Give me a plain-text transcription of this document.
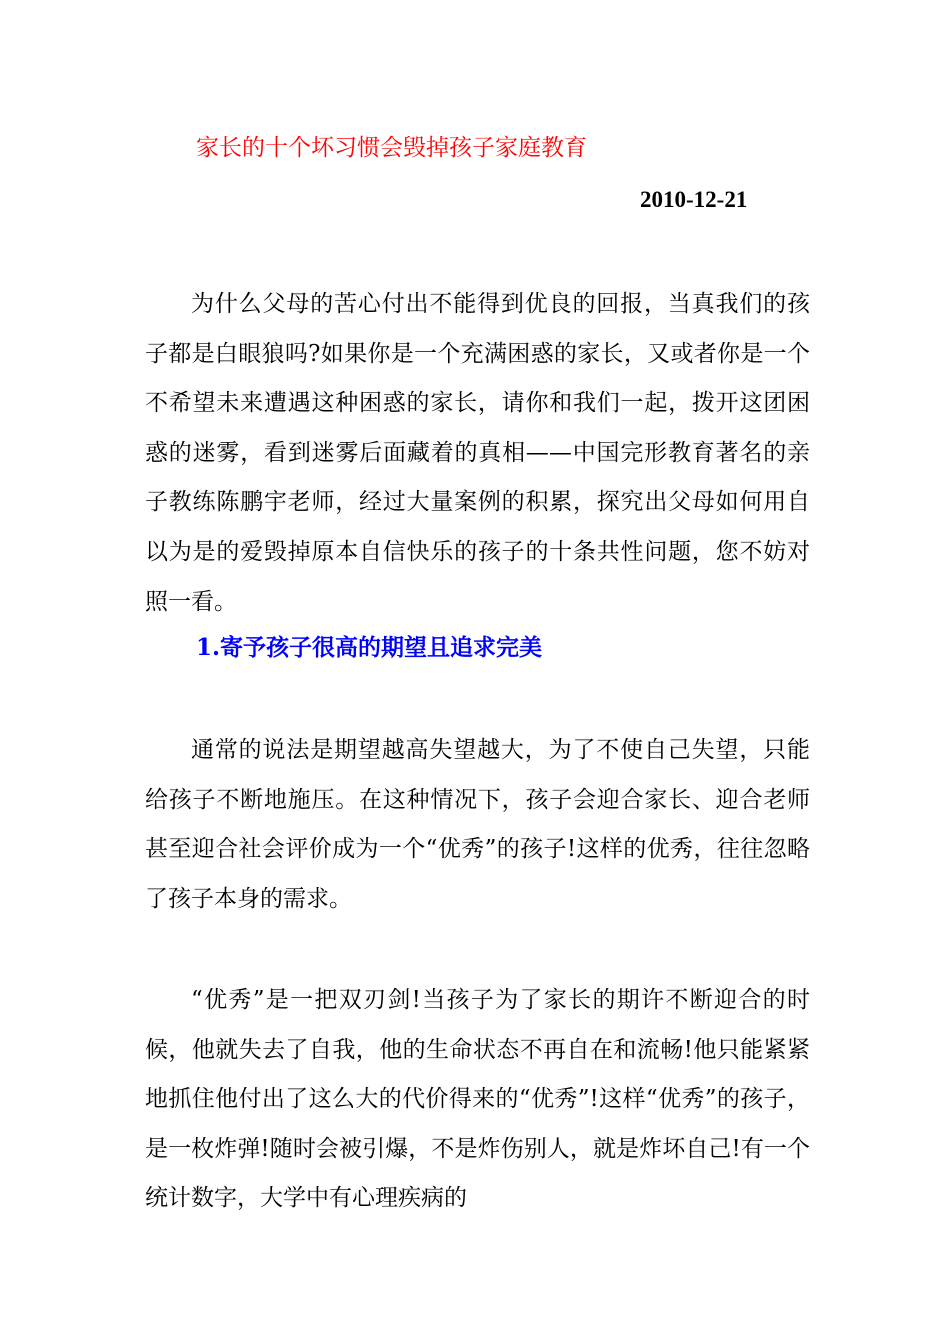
家长的十个坏习惯会毁掉孩子家庭教育
2010-12-21

为什么父母的苦心付出不能得到优良的回报，当真我们的孩子都是白眼狼吗?如果你是一个充满困惑的家长，又或者你是一个不希望未来遭遇这种困惑的家长，请你和我们一起，拨开这团困惑的迷雾，看到迷雾后面藏着的真相——中国完形教育著名的亲子教练陈鹏宇老师，经过大量案例的积累，探究出父母如何用自以为是的爱毁掉原本自信快乐的孩子的十条共性问题，您不妨对照一看。

1.寄予孩子很高的期望且追求完美

通常的说法是期望越高失望越大，为了不使自己失望，只能给孩子不断地施压。在这种情况下，孩子会迎合家长、迎合老师甚至迎合社会评价成为一个“优秀”的孩子!这样的优秀，往往忽略了孩子本身的需求。

“优秀”是一把双刃剑!当孩子为了家长的期许不断迎合的时候，他就失去了自我，他的生命状态不再自在和流畅!他只能紧紧地抓住他付出了这么大的代价得来的“优秀”!这样“优秀”的孩子，是一枚炸弹!随时会被引爆，不是炸伤别人，就是炸坏自己!有一个统计数字，大学中有心理疾病的
